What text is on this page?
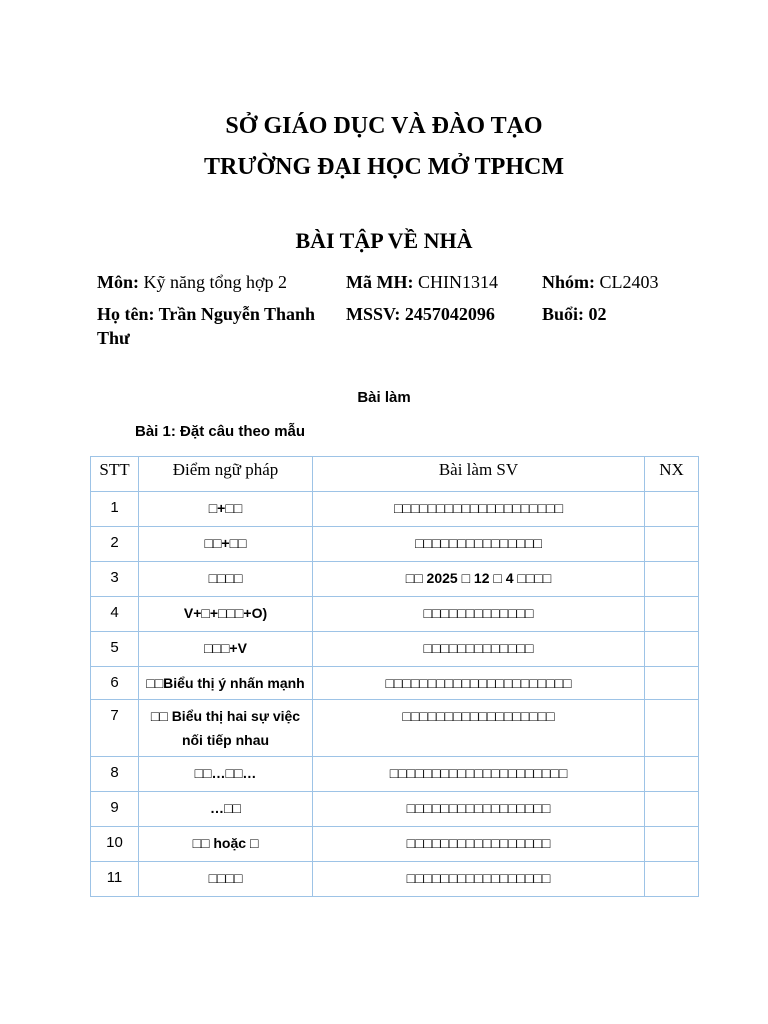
SỞ GIÁO DỤC VÀ ĐÀO TẠO
TRƯỜNG ĐẠI HỌC MỞ TPHCM
BÀI TẬP VỀ NHÀ
Môn: Kỹ năng tổng hợp 2	Mã MH: CHIN1314 Nhóm: CL2403
Họ tên: Trần Nguyễn Thanh Thư
MSSV: 2457042096	Buổi: 02
Bài làm
Bài 1: Đặt câu theo mẫu
STT	Điểm ngữ pháp	Bài làm SV	NX
1	□+□□	□□□□□□□□□□□□□□□□□□□□	
2	□□+□□	□□□□□□□□□□□□□□□	
3	□□□□	□□ 2025 □ 12 □ 4 □□□□	
4	V+□+□□□+O)	□□□□□□□□□□□□□	
5	□□□+V	□□□□□□□□□□□□□	
6	□□Biểu thị ý nhấn mạnh	□□□□□□□□□□□□□□□□□□□□□□	
7	□□ Biểu thị hai sự việc nối tiếp nhau	□□□□□□□□□□□□□□□□□□	
8	□□…□□…	□□□□□□□□□□□□□□□□□□□□□	
9	…□□	□□□□□□□□□□□□□□□□□	
10	□□ hoặc □	□□□□□□□□□□□□□□□□□	
11	□□□□	□□□□□□□□□□□□□□□□□	
